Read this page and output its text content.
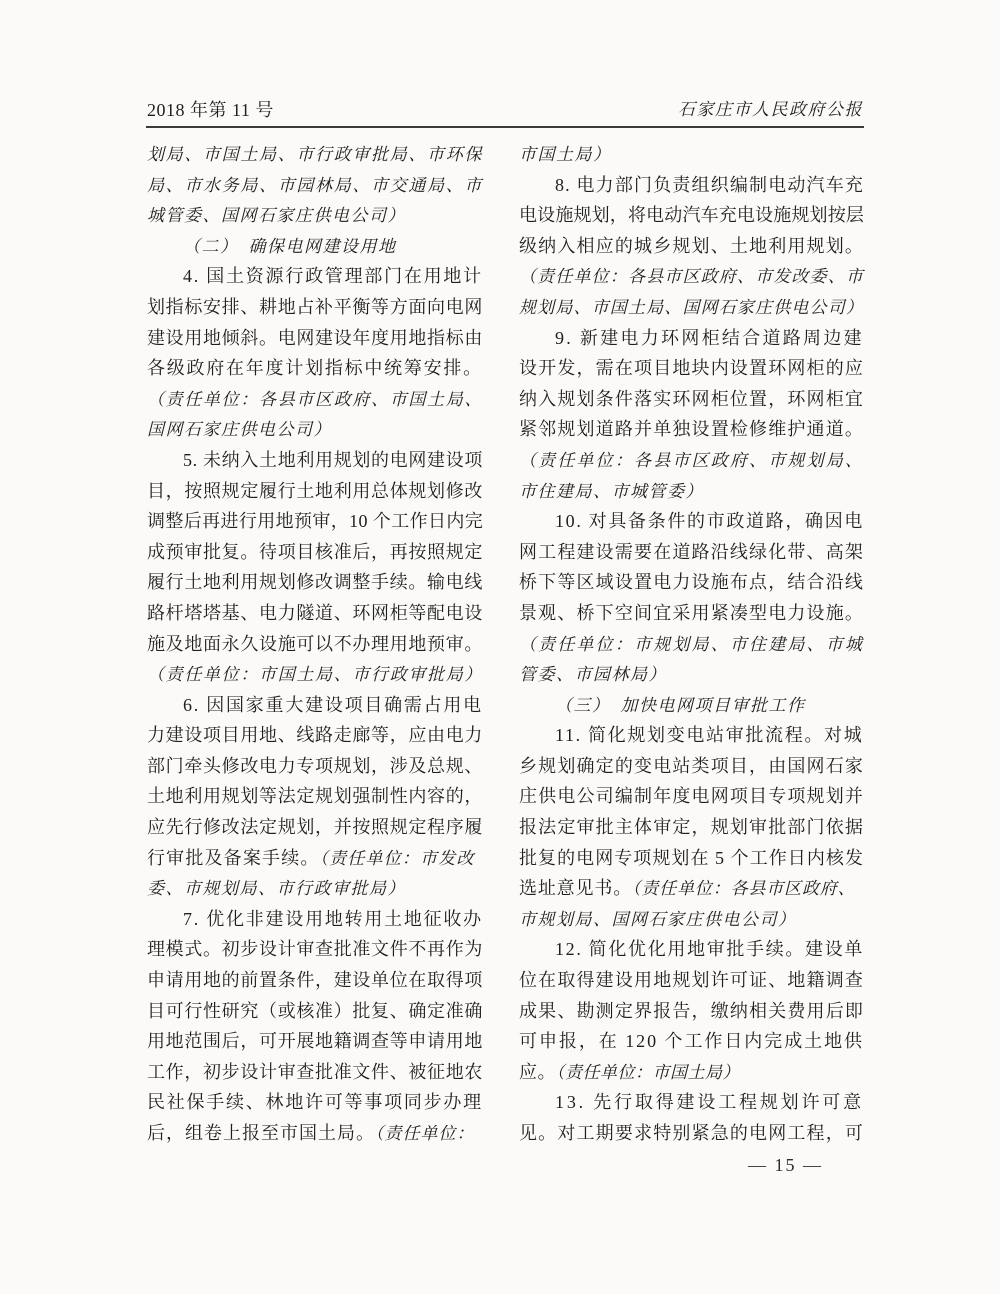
2018 年第 11 号	石家庄市人民政府公报
划局、市国土局、市行政审批局、市环保
局、市水务局、市园林局、市交通局、市
城管委、国网石家庄供电公司）
（二）　确保电网建设用地
4. 国土资源行政管理部门在用地计
划指标安排、耕地占补平衡等方面向电网
建设用地倾斜。电网建设年度用地指标由
各级政府在年度计划指标中统筹安排。
（责任单位：各县市区政府、市国土局、
国网石家庄供电公司）
5. 未纳入土地利用规划的电网建设项
目，按照规定履行土地利用总体规划修改
调整后再进行用地预审，10 个工作日内完
成预审批复。待项目核准后，再按照规定
履行土地利用规划修改调整手续。输电线
路杆塔塔基、电力隧道、环网柜等配电设
施及地面永久设施可以不办理用地预审。
（责任单位：市国土局、市行政审批局）
6. 因国家重大建设项目确需占用电
力建设项目用地、线路走廊等，应由电力
部门牵头修改电力专项规划，涉及总规、
土地利用规划等法定规划强制性内容的，
应先行修改法定规划，并按照规定程序履
行审批及备案手续。（责任单位：市发改
委、市规划局、市行政审批局）
7. 优化非建设用地转用土地征收办
理模式。初步设计审查批准文件不再作为
申请用地的前置条件，建设单位在取得项
目可行性研究（或核准）批复、确定准确
用地范围后，可开展地籍调查等申请用地
工作，初步设计审查批准文件、被征地农
民社保手续、林地许可等事项同步办理
后，组卷上报至市国土局。（责任单位：
市国土局）
8. 电力部门负责组织编制电动汽车充
电设施规划，将电动汽车充电设施规划按层
级纳入相应的城乡规划、土地利用规划。
（责任单位：各县市区政府、市发改委、市
规划局、市国土局、国网石家庄供电公司）
9. 新建电力环网柜结合道路周边建
设开发，需在项目地块内设置环网柜的应
纳入规划条件落实环网柜位置，环网柜宜
紧邻规划道路并单独设置检修维护通道。
（责任单位：各县市区政府、市规划局、
市住建局、市城管委）
10. 对具备条件的市政道路，确因电
网工程建设需要在道路沿线绿化带、高架
桥下等区域设置电力设施布点，结合沿线
景观、桥下空间宜采用紧凑型电力设施。
（责任单位：市规划局、市住建局、市城
管委、市园林局）
（三）　加快电网项目审批工作
11. 简化规划变电站审批流程。对城
乡规划确定的变电站类项目，由国网石家
庄供电公司编制年度电网项目专项规划并
报法定审批主体审定，规划审批部门依据
批复的电网专项规划在 5 个工作日内核发
选址意见书。（责任单位：各县市区政府、
市规划局、国网石家庄供电公司）
12. 简化优化用地审批手续。建设单
位在取得建设用地规划许可证、地籍调查
成果、勘测定界报告，缴纳相关费用后即
可申报，在 120 个工作日内完成土地供
应。（责任单位：市国土局）
13. 先行取得建设工程规划许可意
见。对工期要求特别紧急的电网工程，可
— 15 —
